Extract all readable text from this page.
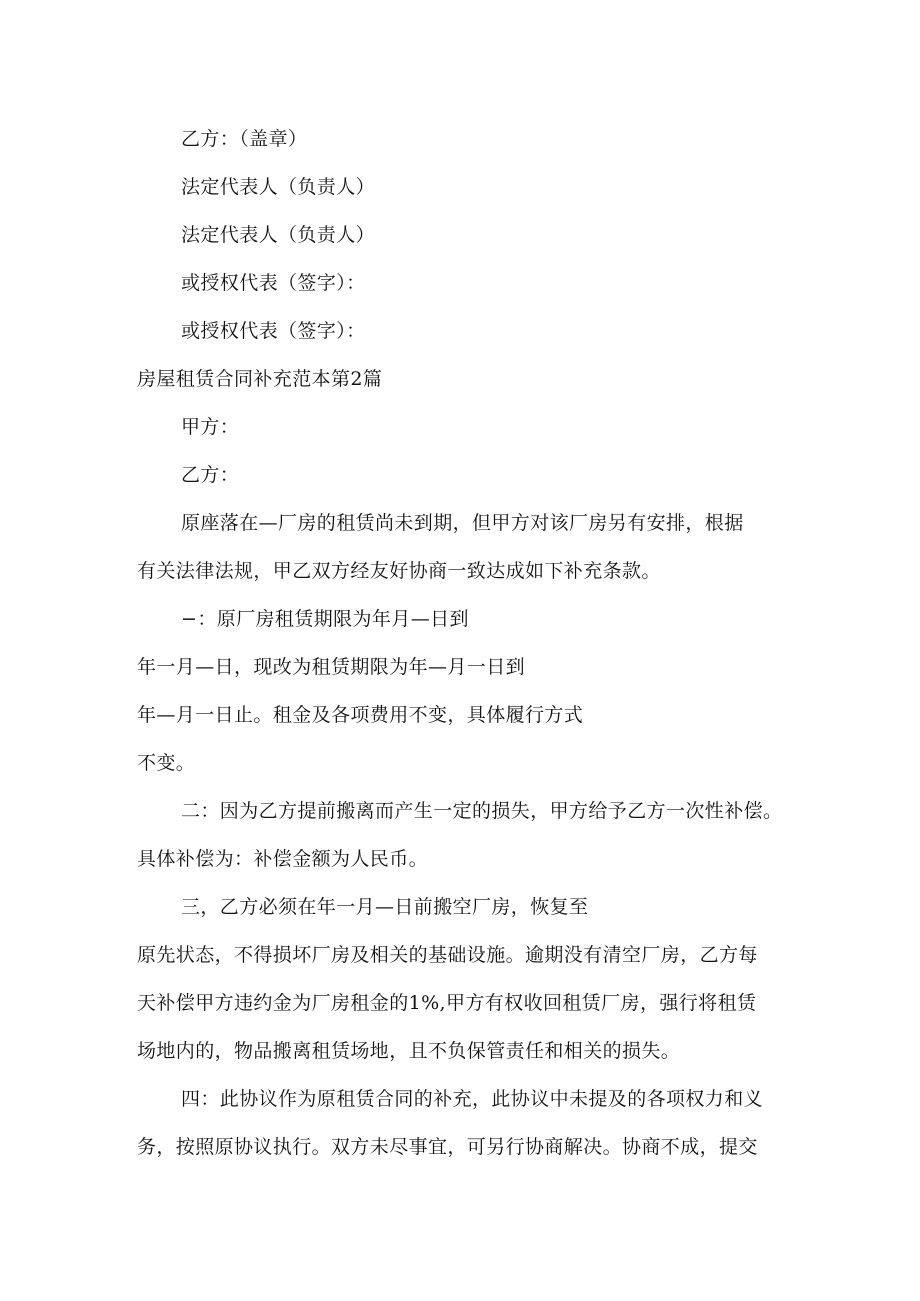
乙方：（盖章）
法定代表人（负责人）
法定代表人（负责人）
或授权代表（签字）：
或授权代表（签字）：
房屋租赁合同补充范本第2篇
甲方：
乙方：
原座落在—厂房的租赁尚未到期，但甲方对该厂房另有安排，根据
有关法律法规，甲乙双方经友好协商一致达成如下补充条款。
−：原厂房租赁期限为年月—日到
年一月—日，现改为租赁期限为年—月一日到
年—月一日止。租金及各项费用不变，具体履行方式
不变。
二：因为乙方提前搬离而产生一定的损失，甲方给予乙方一次性补偿。
具体补偿为：补偿金额为人民币。
三，乙方必须在年一月—日前搬空厂房，恢复至
原先状态，不得损坏厂房及相关的基础设施。逾期没有清空厂房，乙方每
天补偿甲方违约金为厂房租金的1%,甲方有权收回租赁厂房，强行将租赁
场地内的，物品搬离租赁场地，且不负保管责任和相关的损失。
四：此协议作为原租赁合同的补充，此协议中未提及的各项权力和义
务，按照原协议执行。双方未尽事宜，可另行协商解决。协商不成，提交
